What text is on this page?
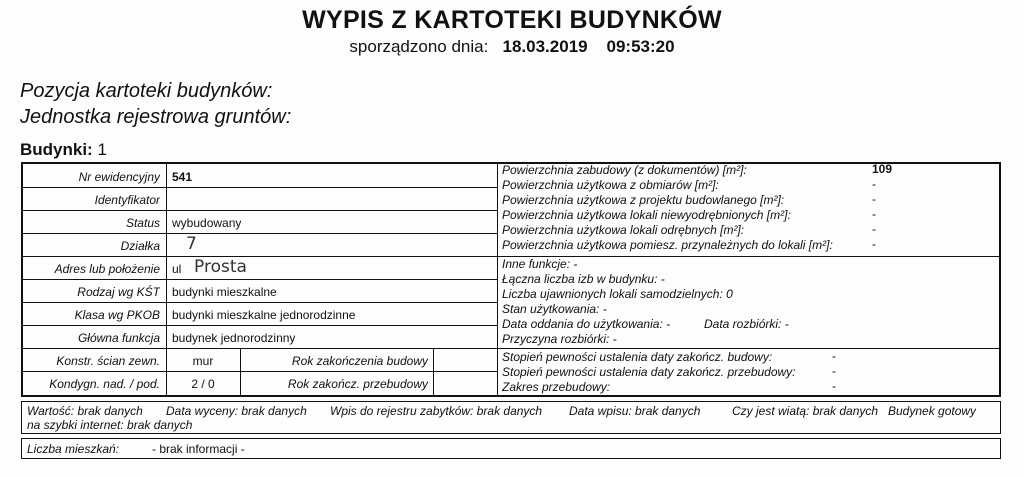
WYPIS Z KARTOTEKI BUDYNKÓW
sporządzono dnia: 18.03.2019 09:53:20
Pozycja kartoteki budynków:
Jednostka rejestrowa gruntów:
Budynki: 1
Nr ewidencyjny 541
Identyfikator
Status wybudowany
Działka 7
Adres lub położenie ul Prosta
Rodzaj wg KŚT budynki mieszkalne
Klasa wg PKOB budynki mieszkalne jednorodzinne
Główna funkcja budynek jednorodzinny
Konstr. ścian zewn.	mur	Rok zakończenia budowy
Kondygn. nad. / pod.	2 / 0	Rok zakończ. przebudowy
Powierzchnia zabudowy (z dokumentów) [m²]:	109
Powierzchnia użytkowa z obmiarów [m²]:	-
Powierzchnia użytkowa z projektu budowlanego [m²]:	-
Powierzchnia użytkowa lokali niewyodrębnionych [m²]:	-
Powierzchnia użytkowa lokali odrębnych [m²]:	-
Powierzchnia użytkowa pomiesz. przynależnych do lokali [m²]:	-
Inne funkcje: -
Łączna liczba izb w budynku: -
Liczba ujawnionych lokali samodzielnych: 0
Stan użytkowania: -
Data oddania do użytkowania: -	Data rozbiórki: -
Przyczyna rozbiórki: -
Stopień pewności ustalenia daty zakończ. budowy:	-
Stopień pewności ustalenia daty zakończ. przebudowy:	-
Zakres przebudowy:	-
Wartość: brak danych Data wyceny: brak danych Wpis do rejestru zabytków: brak danych Data wpisu: brak danych	Czy jest wiatą: brak danych Budynek gotowy
na szybki internet: brak danych
Liczba mieszkań:	- brak informacji -
